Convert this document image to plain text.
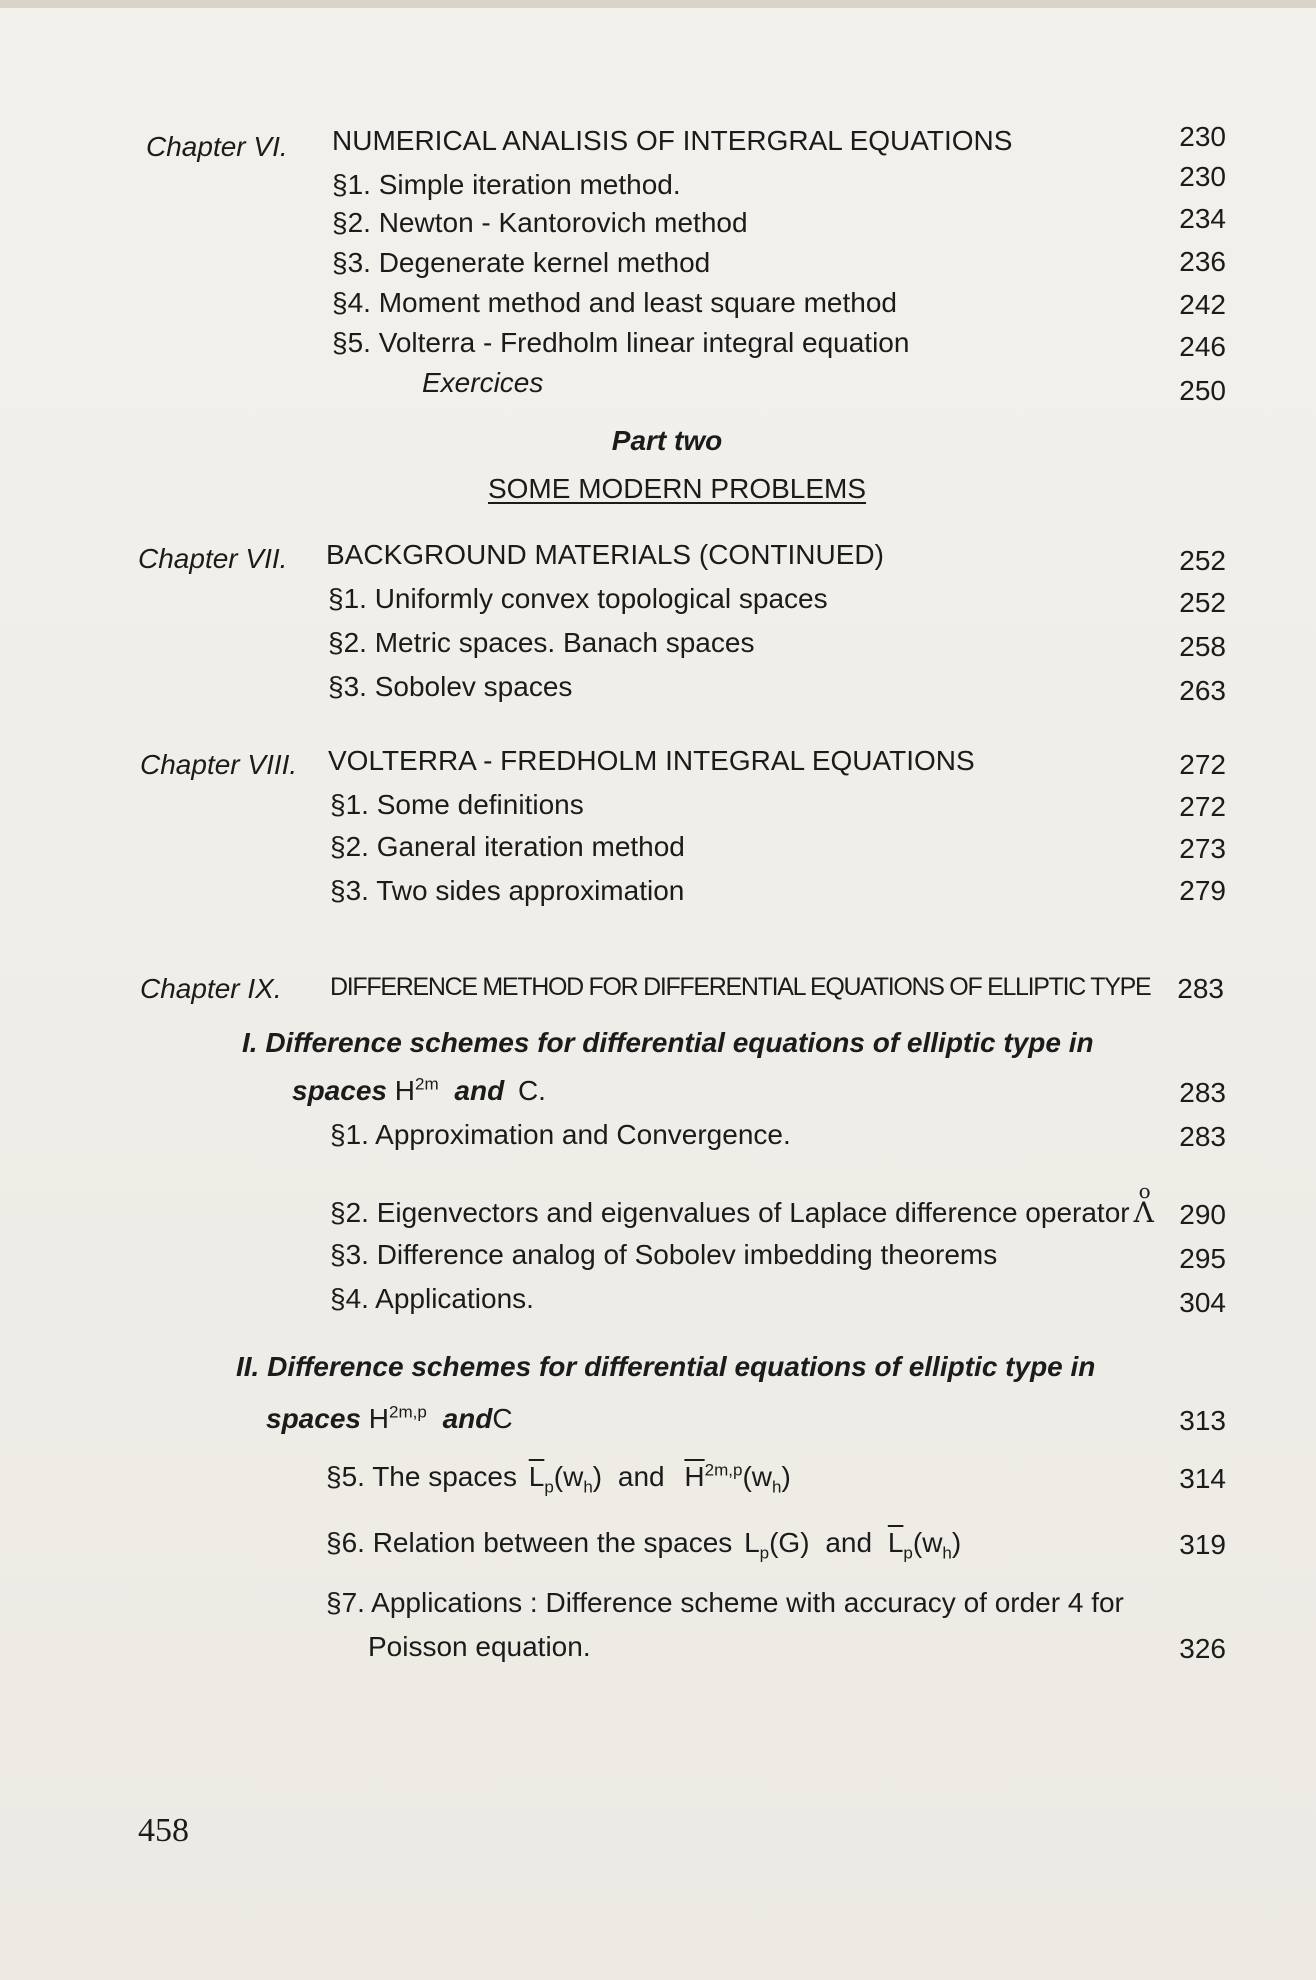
Chapter VI. NUMERICAL ANALISIS OF INTERGRAL EQUATIONS	230
§1. Simple iteration method.	230
§2. Newton - Kantorovich method	234
§3. Degenerate kernel method	236
§4. Moment method and least square method	242
§5. Volterra - Fredholm linear integral equation	246
Exercices	250
Part two
SOME MODERN PROBLEMS
Chapter VII. BACKGROUND MATERIALS (CONTINUED)	252
§1. Uniformly convex topological spaces	252
§2. Metric spaces. Banach spaces	258
§3. Sobolev spaces	263
Chapter VIII. VOLTERRA - FREDHOLM INTEGRAL EQUATIONS	272
§1. Some definitions	272
§2. Ganeral iteration method	273
§3. Two sides approximation	279
Chapter IX. DIFFERENCE METHOD FOR DIFFERENTIAL EQUATIONS OF ELLIPTIC TYPE 283
I. Difference schemes for differential equations of elliptic type in
spaces $H^{2m}$ and C.	283
§1. Approximation and Convergence.	283
§2. Eigenvectors and eigenvalues of Laplace difference operator o Λ 290
§3. Difference analog of Sobolev imbedding theorems	295
§4. Applications.	304
II. Difference schemes for differential equations of elliptic type in
spaces $H^{2m,p}$ andC	313
§5. The spaces $\overline{L}_p(w_h)$ and $\overline{H}^{2m,p}(w_h)$	314
§6. Relation between the spaces $L_p(G)$ and $\overline{L}_p(w_h)$	319
§7. Applications : Difference scheme with accuracy of order 4 for
Poisson equation.	326
458
